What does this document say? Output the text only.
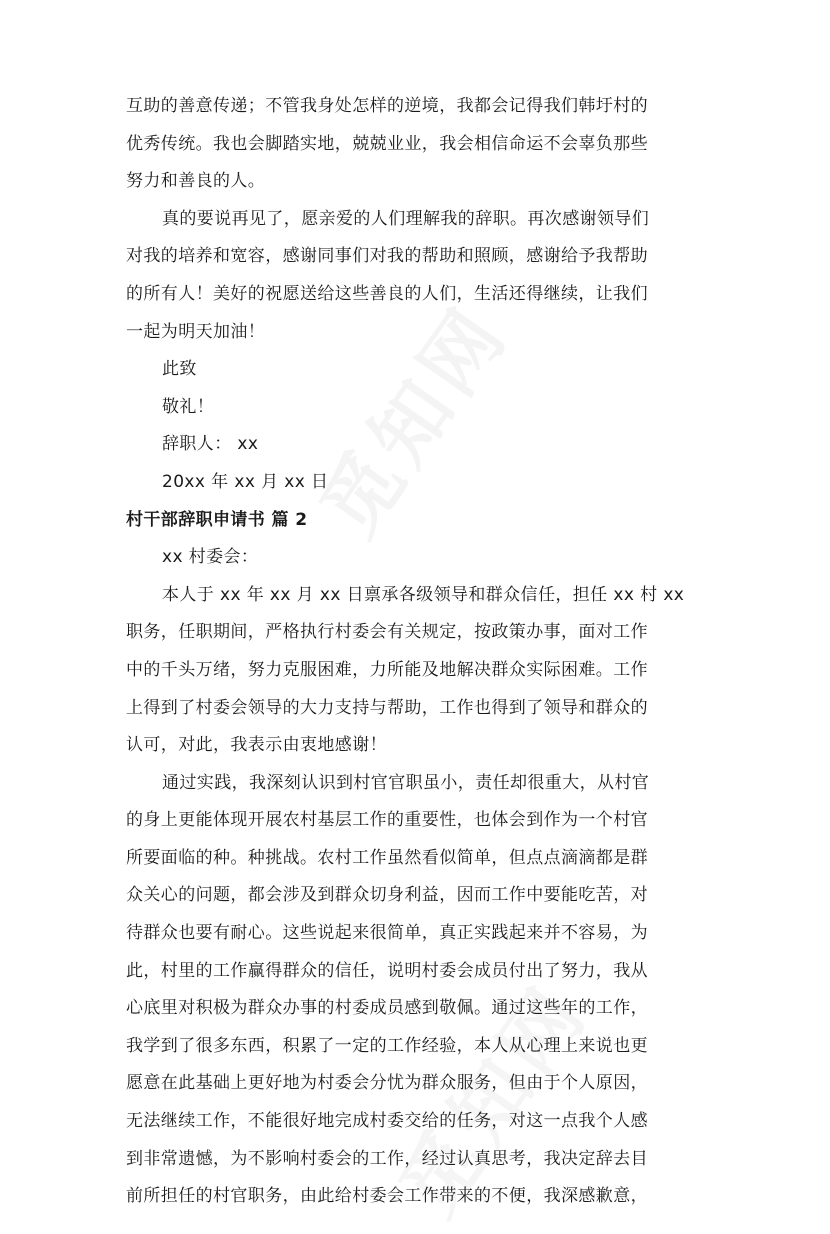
互助的善意传递；不管我身处怎样的逆境，我都会记得我们韩圩村的
优秀传统。我也会脚踏实地，兢兢业业，我会相信命运不会辜负那些
努力和善良的人。
真的要说再见了，愿亲爱的人们理解我的辞职。再次感谢领导们
对我的培养和宽容，感谢同事们对我的帮助和照顾，感谢给予我帮助
的所有人！美好的祝愿送给这些善良的人们，生活还得继续，让我们
一起为明天加油！
此致
敬礼！
辞职人： xx
20xx 年 xx 月 xx 日
村干部辞职申请书 篇 2
xx 村委会：
本人于 xx 年 xx 月 xx 日禀承各级领导和群众信任，担任 xx 村 xx
职务，任职期间，严格执行村委会有关规定，按政策办事，面对工作
中的千头万绪，努力克服困难，力所能及地解决群众实际困难。工作
上得到了村委会领导的大力支持与帮助，工作也得到了领导和群众的
认可，对此，我表示由衷地感谢！
通过实践，我深刻认识到村官官职虽小，责任却很重大，从村官
的身上更能体现开展农村基层工作的重要性，也体会到作为一个村官
所要面临的种。种挑战。农村工作虽然看似简单，但点点滴滴都是群
众关心的问题，都会涉及到群众切身利益，因而工作中要能吃苦，对
待群众也要有耐心。这些说起来很简单，真正实践起来并不容易，为
此，村里的工作赢得群众的信任，说明村委会成员付出了努力，我从
心底里对积极为群众办事的村委成员感到敬佩。通过这些年的工作，
我学到了很多东西，积累了一定的工作经验，本人从心理上来说也更
愿意在此基础上更好地为村委会分忧为群众服务，但由于个人原因，
无法继续工作，不能很好地完成村委交给的任务，对这一点我个人感
到非常遗憾，为不影响村委会的工作，经过认真思考，我决定辞去目
前所担任的村官职务，由此给村委会工作带来的不便，我深感歉意，
